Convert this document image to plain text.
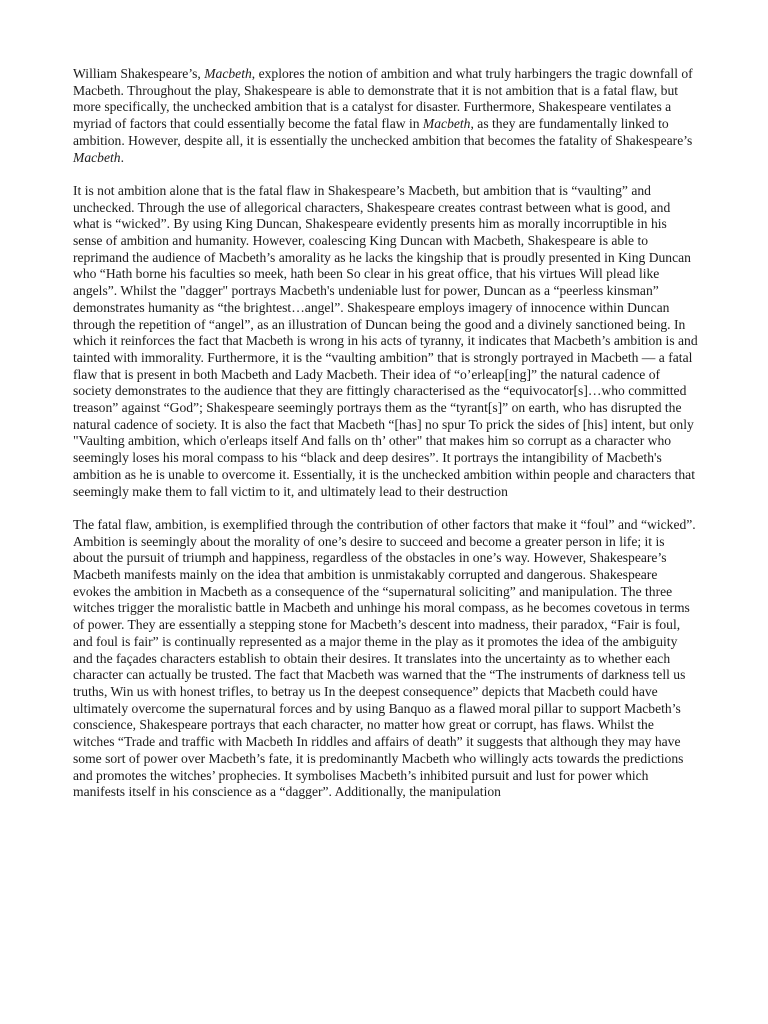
William Shakespeare’s, Macbeth, explores the notion of ambition and what truly harbingers the tragic downfall of Macbeth. Throughout the play, Shakespeare is able to demonstrate that it is not ambition that is a fatal flaw, but more specifically, the unchecked ambition that is a catalyst for disaster. Furthermore, Shakespeare ventilates a myriad of factors that could essentially become the fatal flaw in Macbeth, as they are fundamentally linked to ambition. However, despite all, it is essentially the unchecked ambition that becomes the fatality of Shakespeare’s Macbeth.

It is not ambition alone that is the fatal flaw in Shakespeare’s Macbeth, but ambition that is “vaulting” and unchecked. Through the use of allegorical characters, Shakespeare creates contrast between what is good, and what is “wicked”. By using King Duncan, Shakespeare evidently presents him as morally incorruptible in his sense of ambition and humanity. However, coalescing King Duncan with Macbeth, Shakespeare is able to reprimand the audience of Macbeth’s amorality as he lacks the kingship that is proudly presented in King Duncan who “Hath borne his faculties so meek, hath been So clear in his great office, that his virtues Will plead like angels”. Whilst the "dagger" portrays Macbeth's undeniable lust for power, Duncan as a “peerless kinsman” demonstrates humanity as “the brightest…angel”. Shakespeare employs imagery of innocence within Duncan through the repetition of “angel”, as an illustration of Duncan being the good and a divinely sanctioned being. In which it reinforces the fact that Macbeth is wrong in his acts of tyranny, it indicates that Macbeth’s ambition is and tainted with immorality. Furthermore, it is the “vaulting ambition” that is strongly portrayed in Macbeth — a fatal flaw that is present in both Macbeth and Lady Macbeth. Their idea of “o’erleap[ing]” the natural cadence of society demonstrates to the audience that they are fittingly characterised as the “equivocator[s]…who committed treason” against “God”; Shakespeare seemingly portrays them as the “tyrant[s]” on earth, who has disrupted the natural cadence of society. It is also the fact that Macbeth “[has] no spur To prick the sides of [his] intent, but only "Vaulting ambition, which o'erleaps itself And falls on th’ other" that makes him so corrupt as a character who seemingly loses his moral compass to his “black and deep desires”. It portrays the intangibility of Macbeth's ambition as he is unable to overcome it. Essentially, it is the unchecked ambition within people and characters that seemingly make them to fall victim to it, and ultimately lead to their destruction

The fatal flaw, ambition, is exemplified through the contribution of other factors that make it “foul” and “wicked”. Ambition is seemingly about the morality of one’s desire to succeed and become a greater person in life; it is about the pursuit of triumph and happiness, regardless of the obstacles in one’s way. However, Shakespeare’s Macbeth manifests mainly on the idea that ambition is unmistakably corrupted and dangerous. Shakespeare evokes the ambition in Macbeth as a consequence of the “supernatural soliciting” and manipulation. The three witches trigger the moralistic battle in Macbeth and unhinge his moral compass, as he becomes covetous in terms of power. They are essentially a stepping stone for Macbeth’s descent into madness, their paradox, “Fair is foul, and foul is fair” is continually represented as a major theme in the play as it promotes the idea of the ambiguity and the façades characters establish to obtain their desires. It translates into the uncertainty as to whether each character can actually be trusted. The fact that Macbeth was warned that the “The instruments of darkness tell us truths, Win us with honest trifles, to betray us In the deepest consequence” depicts that Macbeth could have ultimately overcome the supernatural forces and by using Banquo as a flawed moral pillar to support Macbeth’s conscience, Shakespeare portrays that each character, no matter how great or corrupt, has flaws. Whilst the witches “Trade and traffic with Macbeth In riddles and affairs of death” it suggests that although they may have some sort of power over Macbeth’s fate, it is predominantly Macbeth who willingly acts towards the predictions and promotes the witches’ prophecies. It symbolises Macbeth’s inhibited pursuit and lust for power which manifests itself in his conscience as a “dagger”. Additionally, the manipulation
